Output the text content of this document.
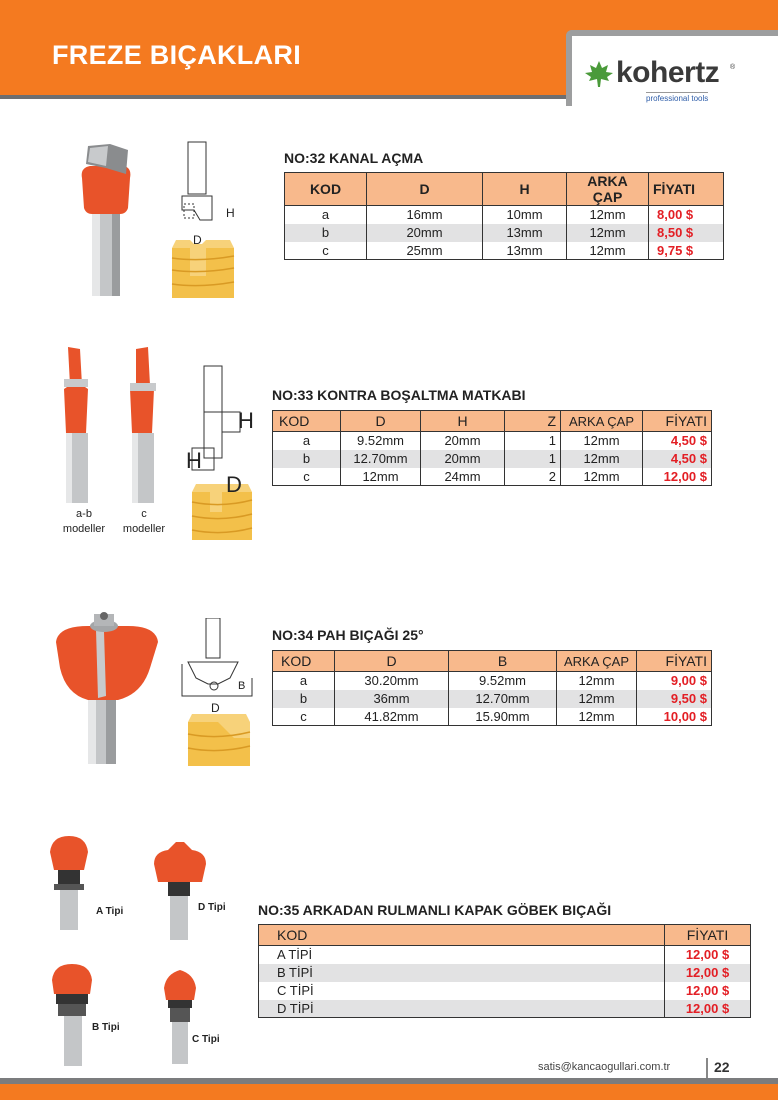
FREZE BIÇAKLARI
kohertz ®
professional tools
H
D
NO:32 KANAL AÇMA
KOD	D	H	ARKA ÇAP	FİYATI
a	16mm	10mm	12mm	8,00 $
b	20mm	13mm	12mm	8,50 $
c	25mm	13mm	12mm	9,75 $
a-b
modeller
c
modeller
H
H
D
NO:33 KONTRA BOŞALTMA MATKABI
KOD	D	H	Z	ARKA ÇAP	FİYATI
a	9.52mm	20mm	1	12mm	4,50 $
b	12.70mm	20mm	1	12mm	4,50 $
c	12mm	24mm	2	12mm	12,00 $
B
D
NO:34 PAH BIÇAĞI 25°
KOD	D	B	ARKA ÇAP	FİYATI
a	30.20mm	9.52mm	12mm	9,00 $
b	36mm	12.70mm	12mm	9,50 $
c	41.82mm	15.90mm	12mm	10,00 $
A Tipi	D Tipi
B Tipi
C Tipi
NO:35 ARKADAN RULMANLI KAPAK GÖBEK BIÇAĞI
KOD	FİYATI
A TİPİ	12,00 $
B TİPİ	12,00 $
C TİPİ	12,00 $
D TİPİ	12,00 $
satis@kancaogullari.com.tr	22
